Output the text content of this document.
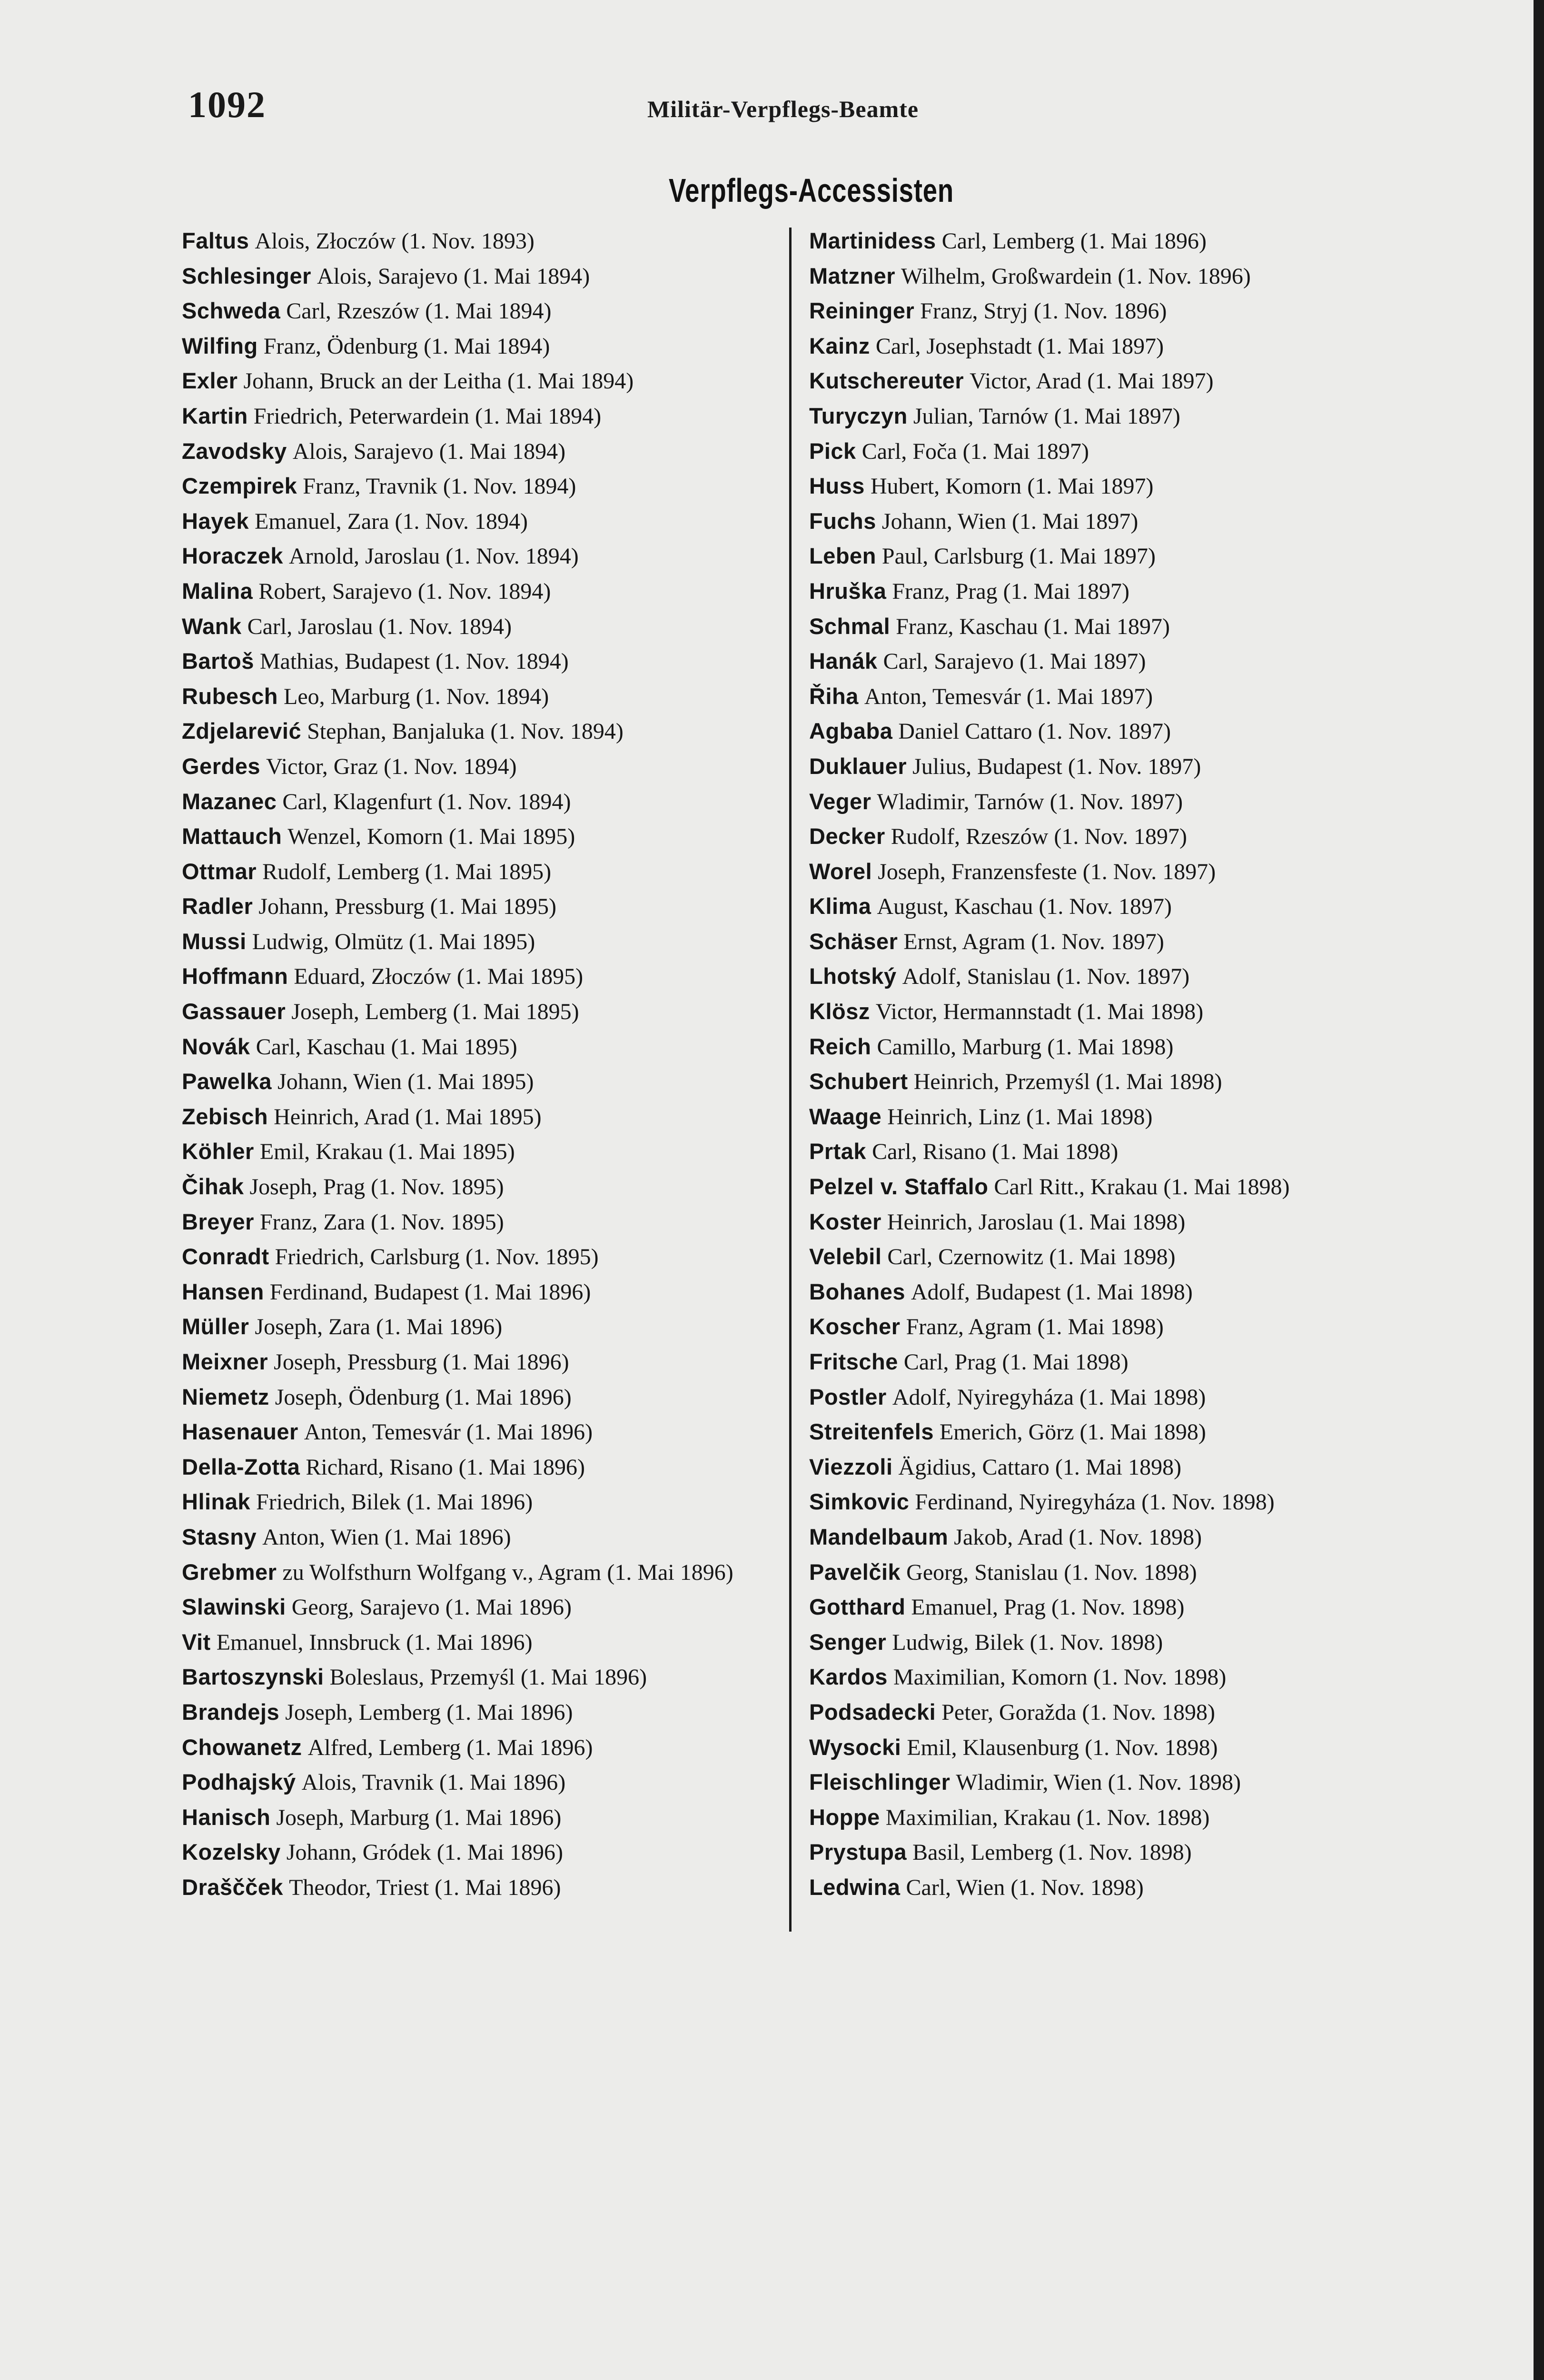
1092	Militär-Verpflegs-Beamte
Verpflegs-Accessisten
Faltus Alois, Złoczów (1. Nov. 1893)
Schlesinger Alois, Sarajevo (1. Mai 1894)
Schweda Carl, Rzeszów (1. Mai 1894)
Wilfing Franz, Ödenburg (1. Mai 1894)
Exler Johann, Bruck an der Leitha (1. Mai 1894)
Kartin Friedrich, Peterwardein (1. Mai 1894)
Zavodsky Alois, Sarajevo (1. Mai 1894)
Czempirek Franz, Travnik (1. Nov. 1894)
Hayek Emanuel, Zara (1. Nov. 1894)
Horaczek Arnold, Jaroslau (1. Nov. 1894)
Malina Robert, Sarajevo (1. Nov. 1894)
Wank Carl, Jaroslau (1. Nov. 1894)
Bartoš Mathias, Budapest (1. Nov. 1894)
Rubesch Leo, Marburg (1. Nov. 1894)
Zdjelarević Stephan, Banjaluka (1. Nov. 1894)
Gerdes Victor, Graz (1. Nov. 1894)
Mazanec Carl, Klagenfurt (1. Nov. 1894)
Mattauch Wenzel, Komorn (1. Mai 1895)
Ottmar Rudolf, Lemberg (1. Mai 1895)
Radler Johann, Pressburg (1. Mai 1895)
Mussi Ludwig, Olmütz (1. Mai 1895)
Hoffmann Eduard, Złoczów (1. Mai 1895)
Gassauer Joseph, Lemberg (1. Mai 1895)
Novák Carl, Kaschau (1. Mai 1895)
Pawelka Johann, Wien (1. Mai 1895)
Zebisch Heinrich, Arad (1. Mai 1895)
Köhler Emil, Krakau (1. Mai 1895)
Čihak Joseph, Prag (1. Nov. 1895)
Breyer Franz, Zara (1. Nov. 1895)
Conradt Friedrich, Carlsburg (1. Nov. 1895)
Hansen Ferdinand, Budapest (1. Mai 1896)
Müller Joseph, Zara (1. Mai 1896)
Meixner Joseph, Pressburg (1. Mai 1896)
Niemetz Joseph, Ödenburg (1. Mai 1896)
Hasenauer Anton, Temesvár (1. Mai 1896)
Della-Zotta Richard, Risano (1. Mai 1896)
Hlinak Friedrich, Bilek (1. Mai 1896)
Stasny Anton, Wien (1. Mai 1896)
Grebmer zu Wolfsthurn Wolfgang v., Agram (1. Mai 1896)
Slawinski Georg, Sarajevo (1. Mai 1896)
Vit Emanuel, Innsbruck (1. Mai 1896)
Bartoszynski Boleslaus, Przemyśl (1. Mai 1896)
Brandejs Joseph, Lemberg (1. Mai 1896)
Chowanetz Alfred, Lemberg (1. Mai 1896)
Podhajský Alois, Travnik (1. Mai 1896)
Hanisch Joseph, Marburg (1. Mai 1896)
Kozelsky Johann, Gródek (1. Mai 1896)
Draščček Theodor, Triest (1. Mai 1896)
Martinidess Carl, Lemberg (1. Mai 1896)
Matzner Wilhelm, Großwardein (1. Nov. 1896)
Reininger Franz, Stryj (1. Nov. 1896)
Kainz Carl, Josephstadt (1. Mai 1897)
Kutschereuter Victor, Arad (1. Mai 1897)
Turyczyn Julian, Tarnów (1. Mai 1897)
Pick Carl, Foča (1. Mai 1897)
Huss Hubert, Komorn (1. Mai 1897)
Fuchs Johann, Wien (1. Mai 1897)
Leben Paul, Carlsburg (1. Mai 1897)
Hruška Franz, Prag (1. Mai 1897)
Schmal Franz, Kaschau (1. Mai 1897)
Hanák Carl, Sarajevo (1. Mai 1897)
Řiha Anton, Temesvár (1. Mai 1897)
Agbaba Daniel Cattaro (1. Nov. 1897)
Duklauer Julius, Budapest (1. Nov. 1897)
Veger Wladimir, Tarnów (1. Nov. 1897)
Decker Rudolf, Rzeszów (1. Nov. 1897)
Worel Joseph, Franzensfeste (1. Nov. 1897)
Klima August, Kaschau (1. Nov. 1897)
Schäser Ernst, Agram (1. Nov. 1897)
Lhotský Adolf, Stanislau (1. Nov. 1897)
Klösz Victor, Hermannstadt (1. Mai 1898)
Reich Camillo, Marburg (1. Mai 1898)
Schubert Heinrich, Przemyśl (1. Mai 1898)
Waage Heinrich, Linz (1. Mai 1898)
Prtak Carl, Risano (1. Mai 1898)
Pelzel v. Staffalo Carl Ritt., Krakau (1. Mai 1898)
Koster Heinrich, Jaroslau (1. Mai 1898)
Velebil Carl, Czernowitz (1. Mai 1898)
Bohanes Adolf, Budapest (1. Mai 1898)
Koscher Franz, Agram (1. Mai 1898)
Fritsche Carl, Prag (1. Mai 1898)
Postler Adolf, Nyiregyháza (1. Mai 1898)
Streitenfels Emerich, Görz (1. Mai 1898)
Viezzoli Ägidius, Cattaro (1. Mai 1898)
Simkovic Ferdinand, Nyiregyháza (1. Nov. 1898)
Mandelbaum Jakob, Arad (1. Nov. 1898)
Pavelčik Georg, Stanislau (1. Nov. 1898)
Gotthard Emanuel, Prag (1. Nov. 1898)
Senger Ludwig, Bilek (1. Nov. 1898)
Kardos Maximilian, Komorn (1. Nov. 1898)
Podsadecki Peter, Goražda (1. Nov. 1898)
Wysocki Emil, Klausenburg (1. Nov. 1898)
Fleischlinger Wladimir, Wien (1. Nov. 1898)
Hoppe Maximilian, Krakau (1. Nov. 1898)
Prystupa Basil, Lemberg (1. Nov. 1898)
Ledwina Carl, Wien (1. Nov. 1898)
